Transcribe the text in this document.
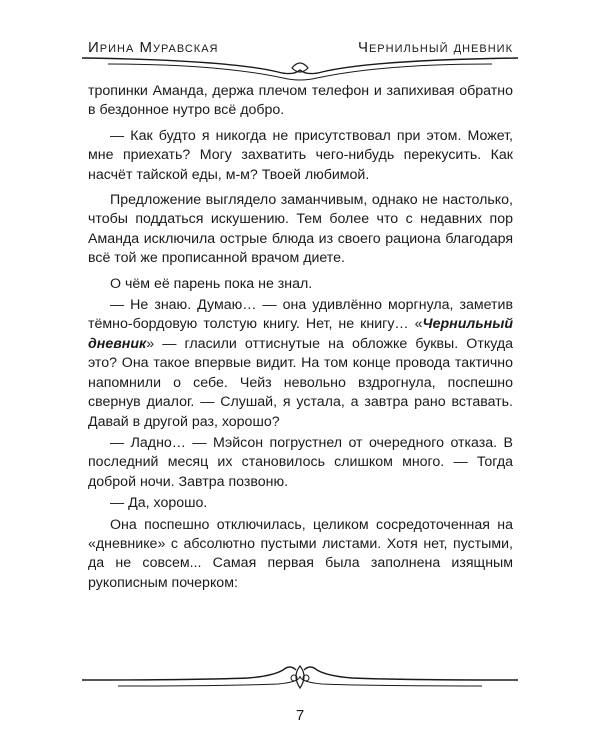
Ирина Муравская	Чернильный дневник

тропинки Аманда, держа плечом телефон и запихивая обратно в бездонное нутро всё добро.

— Как будто я никогда не присутствовал при этом. Может, мне приехать? Могу захватить чего-нибудь перекусить. Как насчёт тайской еды, м-м? Твоей любимой.

Предложение выглядело заманчивым, однако не настолько, чтобы поддаться искушению. Тем более что с недавних пор Аманда исключила острые блюда из своего рациона благодаря всё той же прописанной врачом диете.

О чём её парень пока не знал.

— Не знаю. Думаю… — она удивлённо моргнула, заметив тёмно-бордовую толстую книгу. Нет, не книгу… «Чернильный дневник» — гласили оттиснутые на обложке буквы. Откуда это? Она такое впервые видит. На том конце провода тактично напомнили о себе. Чейз невольно вздрогнула, поспешно свернув диалог. — Слушай, я устала, а завтра рано вставать. Давай в другой раз, хорошо?

— Ладно… — Мэйсон погрустнел от очередного отказа. В последний месяц их становилось слишком много. — Тогда доброй ночи. Завтра позвоню.

— Да, хорошо.

Она поспешно отключилась, целиком сосредоточенная на «дневнике» с абсолютно пустыми листами. Хотя нет, пустыми, да не совсем... Самая первая была заполнена изящным рукописным почерком:

7
